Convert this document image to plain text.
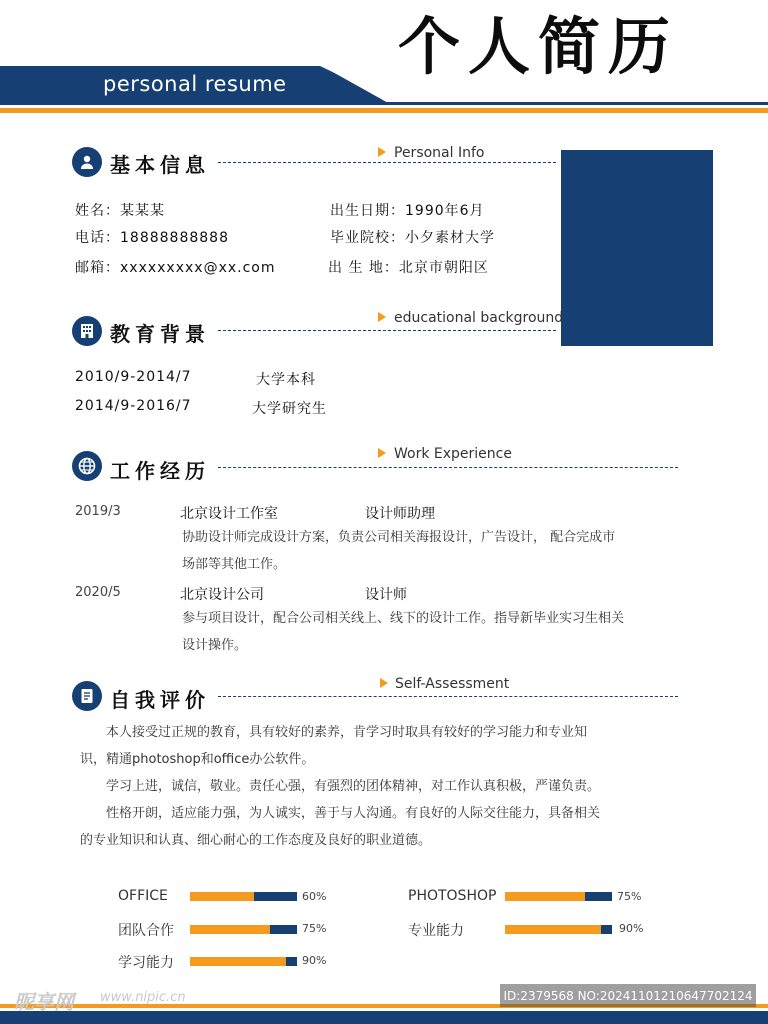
personal resume
个人简历
基本信息	Personal Info
姓名：某某某	出生日期：1990年6月
电话：18888888888	毕业院校：小夕素材大学
邮箱：xxxxxxxxx@xx.com	出 生 地：北京市朝阳区
教育背景
educational background
2010/9-2014/7	大学本科
2014/9-2016/7	大学研究生
工作经历
Work Experience
2019/3	北京设计工作室	设计师助理
协助设计师完成设计方案，负责公司相关海报设计，广告设计， 配合完成市
场部等其他工作。
2020/5	北京设计公司	设计师
参与项目设计，配合公司相关线上、线下的设计工作。指导新毕业实习生相关
设计操作。
自我评价
Self-Assessment
本人接受过正规的教育，具有较好的素养，肯学习时取具有较好的学习能力和专业知
识，精通photoshop和office办公软件。
学习上进，诚信，敬业。责任心强，有强烈的团体精神，对工作认真积极，严谨负责。
性格开朗，适应能力强，为人诚实，善于与人沟通。有良好的人际交往能力，具备相关
的专业知识和认真、细心耐心的工作态度及良好的职业道德。
OFFICE	60%	PHOTOSHOP	75%
团队合作	75%	专业能力	90%
学习能力	90%
昵享网 www.nipic.cn	ID:2379568 NO:20241101210647702124
